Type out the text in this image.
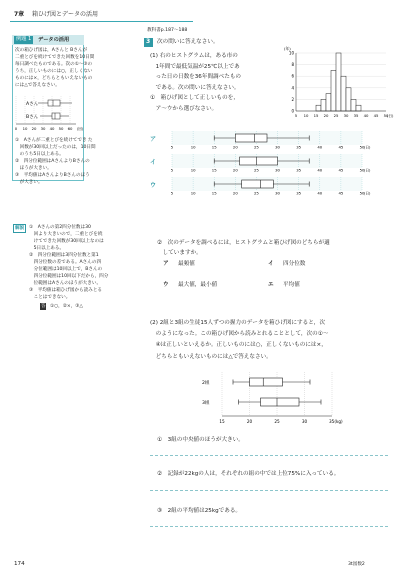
7章 箱ひげ図とデータの活用
教科書p.187～188
例題 1	データの活用
次の箱ひげ図は，Aさんと Bさんが
二重とびを続けてできた回数を10日間
毎日調べたものである。次の①～③の
うち，正しいものには○，正しくない
ものには×，どちらともいえないもの
には△で答えなさい。
Aさん
Bさん
0 10 20 30 40 50 60 (回)
①　Aさんが二重とびを続けてでき た
　回数が30回以上だったのは，10日間
　のうち5日以上ある。
②　四分位範囲はAさんよりBさんの
　ほうが大きい。
③　平均値はAさんよりBさんのほう
　が大きい。
解説	①　Aさんの第2四分位数は30
　回より大きいので，二重とびを続
　けてできた回数が30回以上なのは
　5日以上ある。
②　四分位範囲は3四分位数と第1
　四分位数の差である。Aさんの四
　分位範囲は10回以上で，Bさんの
　四分位範囲は10回以下だから，四分
　位範囲はAさんのほうが大きい。
③　平均値は箱ひげ図から読みとる
　ことはできない。
答 ①○，②×，③△
3 次の問いに答えなさい。
(1) 右のヒストグラムは，ある市の
　1年間で最低気温が25℃以上であ
　った日の日数を36年間調べたもの
　である。次の問いに答えなさい。
①　箱ひげ図として正しいものを，
　ア～ウから選びなさい。
10
8
6
4
2
0
(年)
5 10 15 20 25 30 35 40 45 50
(日)
ア
5	10	15	20	25	30	35	40	45	50 (日)
イ
5	10	15	20	25	30	35	40	45	50 (日)
ウ
5	10	15	20	25	30	35	40	45	50 (日)
②　次のデータを調べるには，ヒストグラムと箱ひげ図のどちらが適
　していますか。
ア 最頻値	イ 四分位数
ウ 最大値，最小値	エ 平均値
(2) 2組と3組の生徒15人ずつの握力のデータを箱ひげ図にすると，次
　のようになった。この箱ひげ図から読みとれることとして，次の①～
　④は正しいといえるか。正しいものには○，正しくないものには×，
　どちらともいえないものには△で答えなさい。
2組
3組
15	20	25	30	35(kg)
①　3組の中央値のほうが大きい。
②　記録が22kgの人は，それぞれの組の中では上位75%に入っている。
③　2組の平均値は25kgである。
174	3t図数2
